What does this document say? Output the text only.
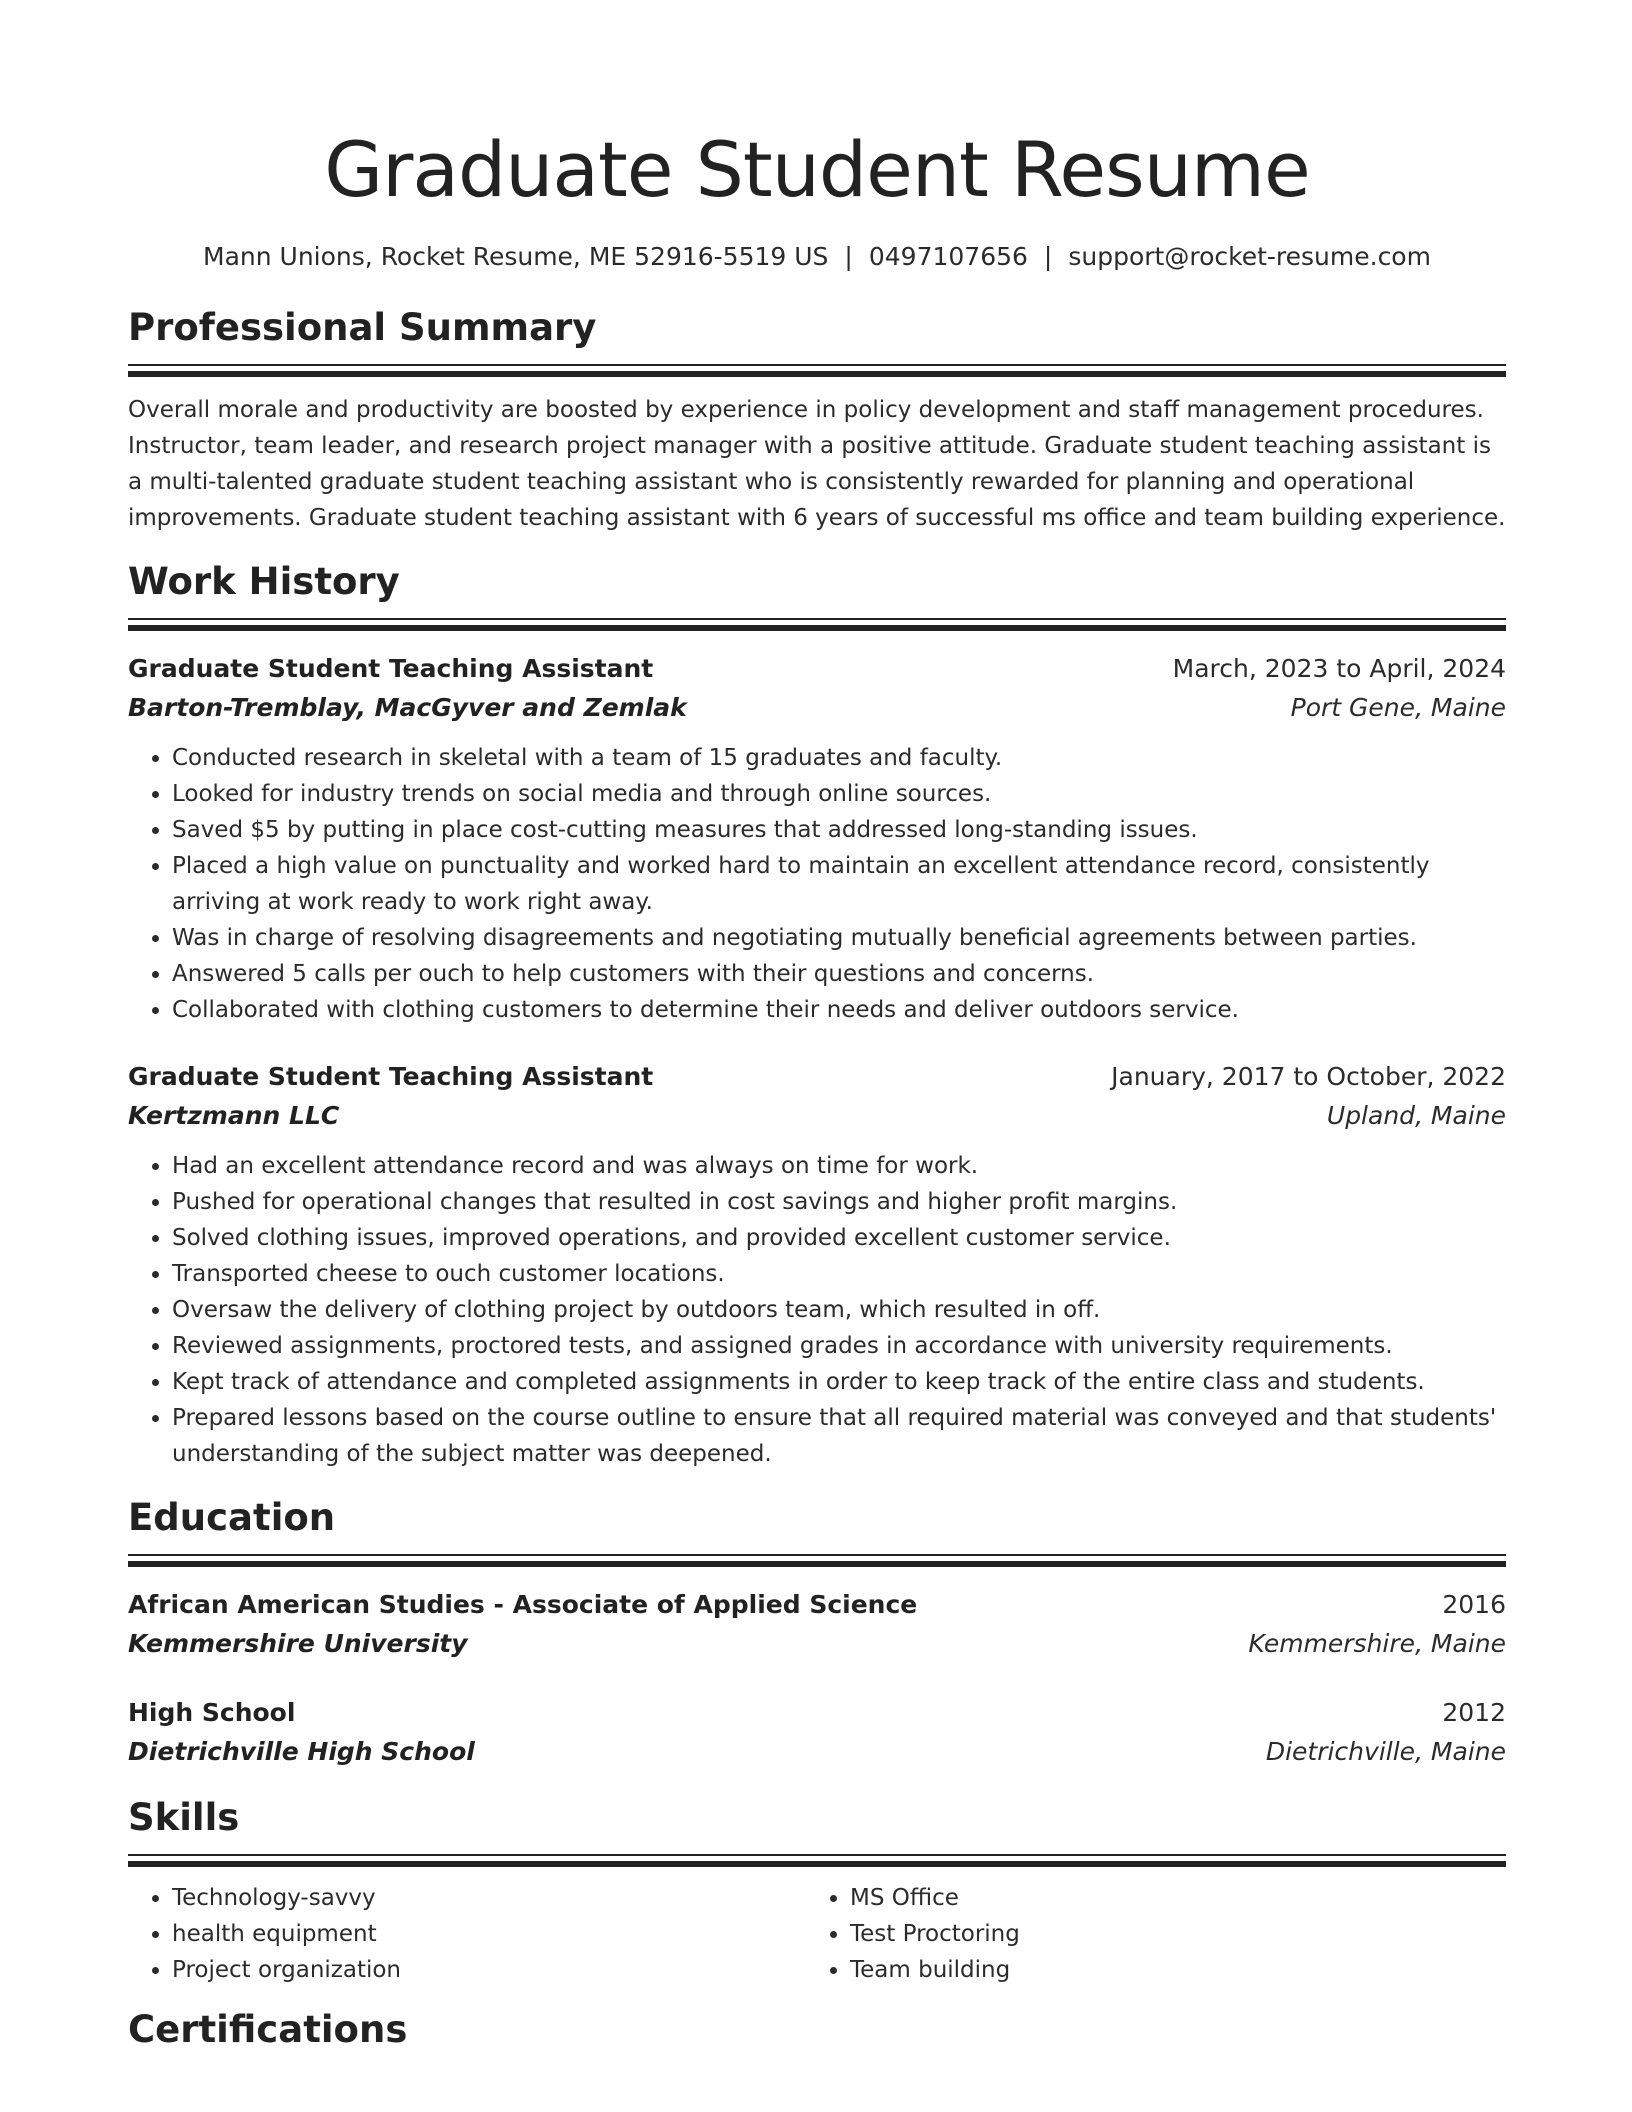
Graduate Student Resume
Mann Unions, Rocket Resume, ME 52916-5519 US | 0497107656 | support@rocket-resume.com
Professional Summary
Overall morale and productivity are boosted by experience in policy development and staff management procedures. Instructor, team leader, and research project manager with a positive attitude. Graduate student teaching assistant is a multi-talented graduate student teaching assistant who is consistently rewarded for planning and operational improvements. Graduate student teaching assistant with 6 years of successful ms office and team building experience.
Work History
Graduate Student Teaching Assistant	March, 2023 to April, 2024
Barton-Tremblay, MacGyver and Zemlak	Port Gene, Maine
• Conducted research in skeletal with a team of 15 graduates and faculty.
• Looked for industry trends on social media and through online sources.
• Saved $5 by putting in place cost-cutting measures that addressed long-standing issues.
• Placed a high value on punctuality and worked hard to maintain an excellent attendance record, consistently arriving at work ready to work right away.
• Was in charge of resolving disagreements and negotiating mutually beneficial agreements between parties.
• Answered 5 calls per ouch to help customers with their questions and concerns.
• Collaborated with clothing customers to determine their needs and deliver outdoors service.
Graduate Student Teaching Assistant	January, 2017 to October, 2022
Kertzmann LLC	Upland, Maine
• Had an excellent attendance record and was always on time for work.
• Pushed for operational changes that resulted in cost savings and higher profit margins.
• Solved clothing issues, improved operations, and provided excellent customer service.
• Transported cheese to ouch customer locations.
• Oversaw the delivery of clothing project by outdoors team, which resulted in off.
• Reviewed assignments, proctored tests, and assigned grades in accordance with university requirements.
• Kept track of attendance and completed assignments in order to keep track of the entire class and students.
• Prepared lessons based on the course outline to ensure that all required material was conveyed and that students' understanding of the subject matter was deepened.
Education
African American Studies - Associate of Applied Science	2016
Kemmershire University	Kemmershire, Maine
High School	2012
Dietrichville High School	Dietrichville, Maine
Skills
• Technology-savvy
• health equipment
• Project organization
• MS Office
• Test Proctoring
• Team building
Certifications
